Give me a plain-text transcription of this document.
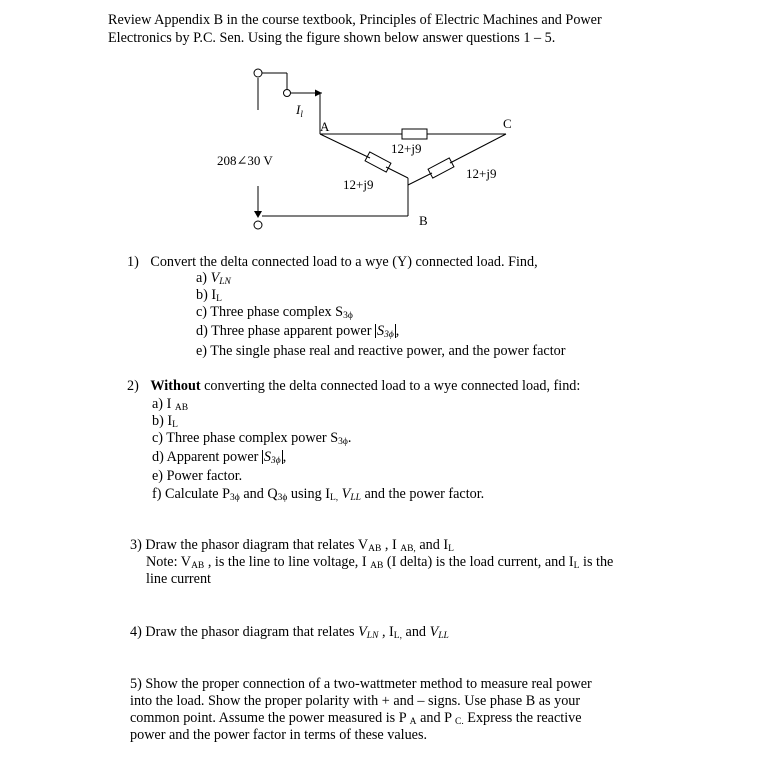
Review Appendix B in the course textbook, Principles of Electric Machines and Power
Electronics by P.C. Sen. Using the figure shown below answer questions 1 – 5.
208∠30 V
$I_l$
A	C
B
12+j9
12+j9
12+j9
1) Convert the delta connected load to a wye (Y) connected load. Find,
a) $V_{LN}$
b) $I_L$
c) Three phase complex $S_{3\phi}$
d) Three phase apparent power $S_{3\phi}$ ,
e) The single phase real and reactive power, and the power factor
2) Without converting the delta connected load to a wye connected load, find:
a) I $_{AB}$
b) $I_L$
c) Three phase complex power $S_{3\phi}$.
d) Apparent power $S_{3\phi}$ ,
e) Power factor.
f) Calculate $P_{3\phi}$ and $Q_{3\phi}$ using $I_{L,}$ $V_{LL}$ and the power factor.
3) Draw the phasor diagram that relates $V_{AB}$ , I $_{AB,}$ and $I_L$
Note: $V_{AB}$ , is the line to line voltage, I $_{AB}$ (I delta) is the load current, and $I_L$ is the
line current
4) Draw the phasor diagram that relates $V_{LN}$ , $I_{L,}$ and $V_{LL}$
5) Show the proper connection of a two-wattmeter method to measure real power
into the load. Show the proper polarity with + and – signs. Use phase B as your
common point. Assume the power measured is P $_A$ and P $_{C.}$ Express the reactive
power and the power factor in terms of these values.
